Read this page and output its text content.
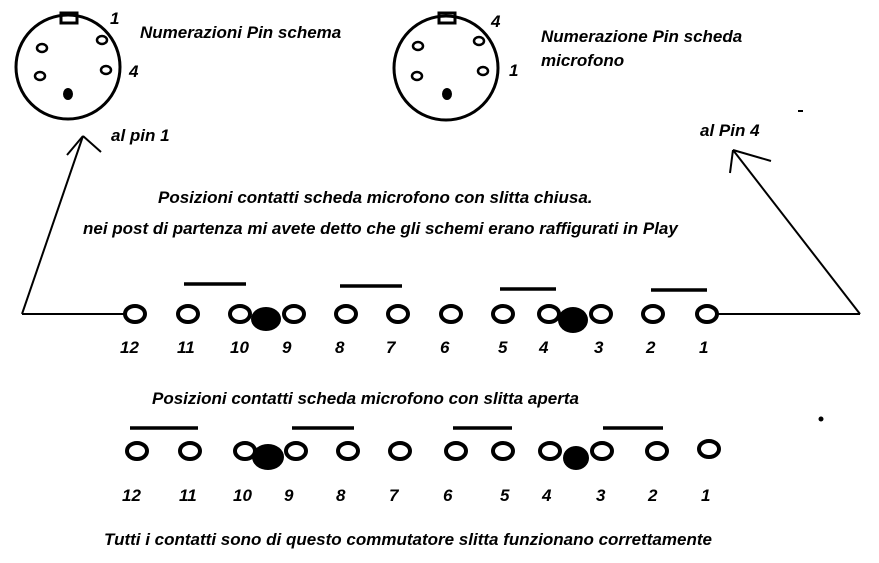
1
4
Numerazioni Pin schema
4
1
Numerazione Pin scheda
microfono
al pin 1	al Pin 4
Posizioni contatti scheda microfono con slitta chiusa.
nei post di partenza mi avete detto che gli schemi erano raffigurati in Play
12 11 10 9	8 7	6	5 4	3	2	1
Posizioni contatti scheda microfono con slitta aperta
12 11 10 9	8	7	6	5 4	3	2	1
Tutti i contatti sono di questo commutatore slitta funzionano correttamente
